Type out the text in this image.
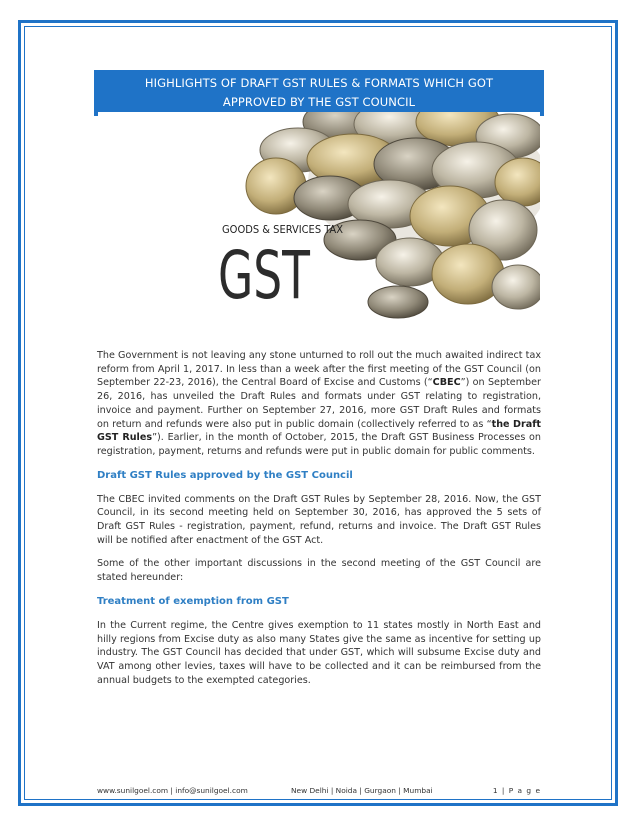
HIGHLIGHTS OF DRAFT GST RULES & FORMATS WHICH GOT
APPROVED BY THE GST COUNCIL
GOODS & SERVICES TAX
GST

The Government is not leaving any stone unturned to roll out the much awaited indirect tax reform from April 1, 2017. In less than a week after the first meeting of the GST Council (on September 22-23, 2016), the Central Board of Excise and Customs (“CBEC”) on September 26, 2016, has unveiled the Draft Rules and formats under GST relating to registration, invoice and payment. Further on September 27, 2016, more GST Draft Rules and formats on return and refunds were also put in public domain (collectively referred to as “the Draft GST Rules”). Earlier, in the month of October, 2015, the Draft GST Business Processes on registration, payment, returns and refunds were put in public domain for public comments.

Draft GST Rules approved by the GST Council

The CBEC invited comments on the Draft GST Rules by September 28, 2016. Now, the GST Council, in its second meeting held on September 30, 2016, has approved the 5 sets of Draft GST Rules - registration, payment, refund, returns and invoice. The Draft GST Rules will be notified after enactment of the GST Act.

Some of the other important discussions in the second meeting of the GST Council are stated hereunder:

Treatment of exemption from GST

In the Current regime, the Centre gives exemption to 11 states mostly in North East and hilly regions from Excise duty as also many States give the same as incentive for setting up industry. The GST Council has decided that under GST, which will subsume Excise duty and VAT among other levies, taxes will have to be collected and it can be reimbursed from the annual budgets to the exempted categories.

www.sunilgoel.com | info@sunilgoel.com	New Delhi | Noida | Gurgaon | Mumbai	1 | P a g e
